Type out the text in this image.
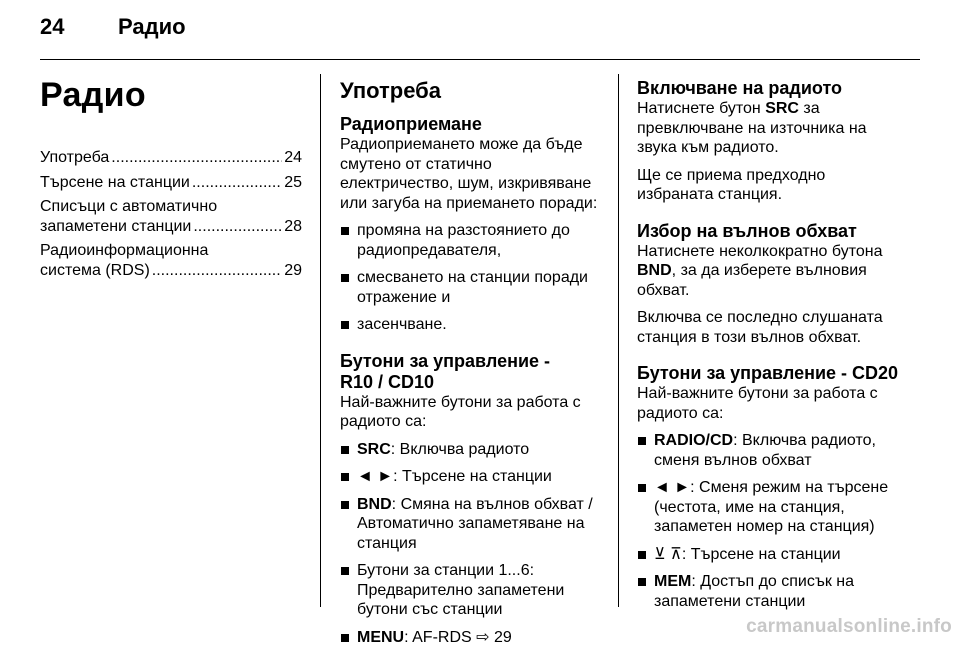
24 Радио
Радио
Употреба .....	24
Търсене на станции .....	25
Списъци с автоматично
запаметени станции .....	28
Радиоинформационна
система (RDS) .....	29
Употреба
Радиоприемане

Радиоприемането може да бъде смутено от статично електричество, шум, изкривяване или загуба на приемането поради:

промяна на разстоянието до радиопредавателя,
смесването на станции поради отражение и
засенчване.
Бутони за управление -
R10 / CD10

Най-важните бутони за работа с радиото са:

SRC: Включва радиото
◄ ►: Търсене на станции
BND: Смяна на вълнов обхват / Автоматично запаметяване на станция
Бутони за станции 1...6: Предварително запаметени бутони със станции
MENU: AF-RDS ⇨ 29
Включване на радиото

Натиснете бутон SRC за превключване на източника на звука към радиото.

Ще се приема предходно избраната станция.

Избор на вълнов обхват

Натиснете неколкократно бутона BND, за да изберете вълновия обхват.

Включва се последно слушаната станция в този вълнов обхват.

Бутони за управление - CD20

Най-важните бутони за работа с радиото са:

RADIO/CD: Включва радиото, сменя вълнов обхват
◄ ►: Сменя режим на търсене (честота, име на станция, запаметен номер на станция)
⊻ ⊼: Търсене на станции
MEM: Достъп до списък на запаметени станции
carmanualsonline.info
